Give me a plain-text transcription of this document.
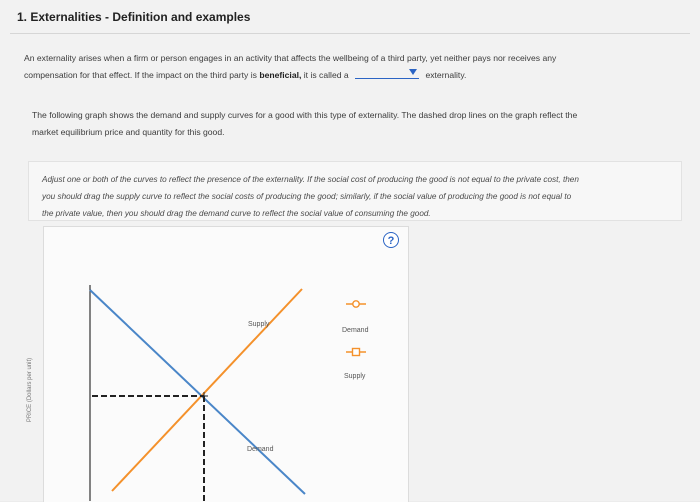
1. Externalities - Definition and examples
An externality arises when a firm or person engages in an activity that affects the wellbeing of a third party, yet neither pays nor receives any
compensation for that effect. If the impact on the third party is beneficial, it is called a	externality.
The following graph shows the demand and supply curves for a good with this type of externality. The dashed drop lines on the graph reflect the
market equilibrium price and quantity for this good.
Adjust one or both of the curves to reflect the presence of the externality. If the social cost of producing the good is not equal to the private cost, then
you should drag the supply curve to reflect the social costs of producing the good; similarly, if the social value of producing the good is not equal to
the private value, then you should drag the demand curve to reflect the social value of consuming the good.
?
Supply
Demand
Demand
Supply
PRICE (Dollars per unit)
